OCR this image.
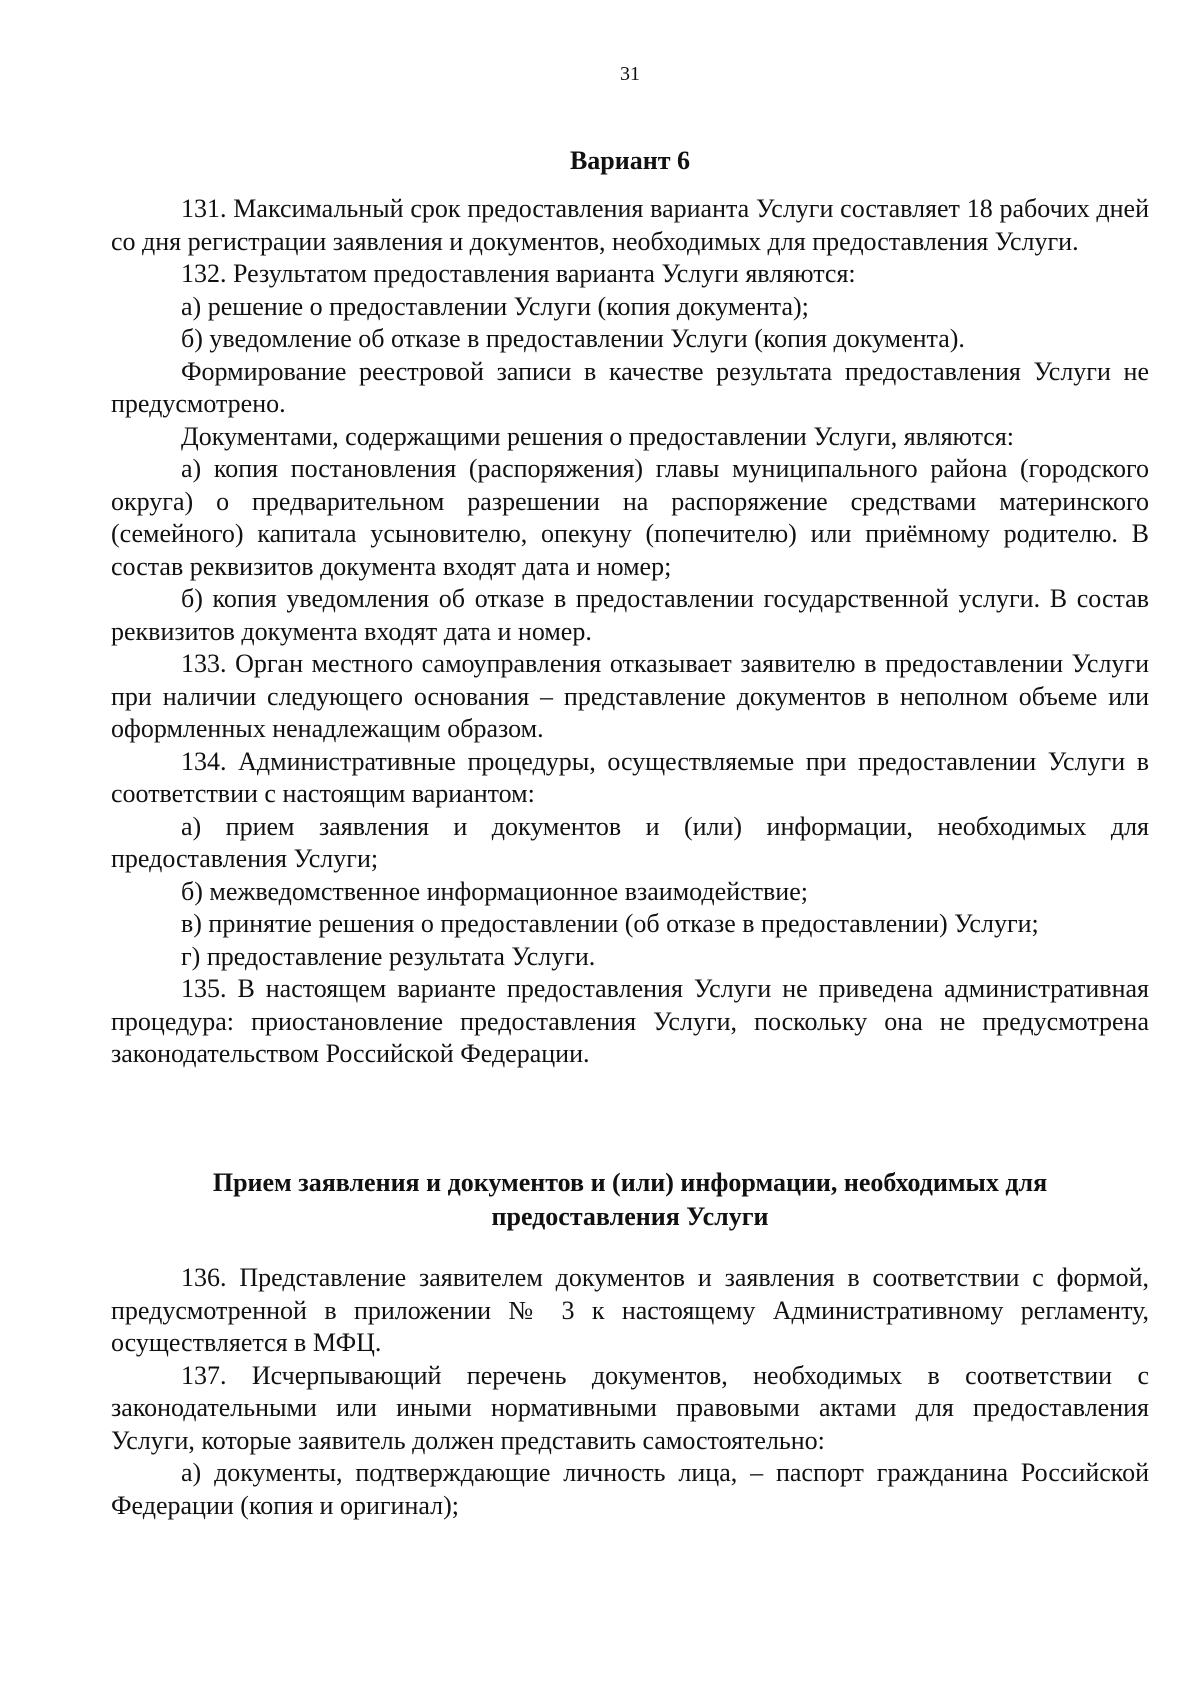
31
Вариант 6

131. Максимальный срок предоставления варианта Услуги составляет 18 рабочих дней со дня регистрации заявления и документов, необходимых для предоставления Услуги.

132. Результатом предоставления варианта Услуги являются:

а) решение о предоставлении Услуги (копия документа);

б) уведомление об отказе в предоставлении Услуги (копия документа).

Формирование реестровой записи в качестве результата предоставления Услуги не предусмотрено.

Документами, содержащими решения о предоставлении Услуги, являются:

а) копия постановления (распоряжения) главы муниципального района (городского округа) о предварительном разрешении на распоряжение средствами материнского (семейного) капитала усыновителю, опекуну (попечителю) или приёмному родителю. В состав реквизитов документа входят дата и номер;

б) копия уведомления об отказе в предоставлении государственной услуги. В состав реквизитов документа входят дата и номер.

133. Орган местного самоуправления отказывает заявителю в предоставлении Услуги при наличии следующего основания – представление документов в неполном объеме или оформленных ненадлежащим образом.

134. Административные процедуры, осуществляемые при предоставлении Услуги в соответствии с настоящим вариантом:

а) прием заявления и документов и (или) информации, необходимых для предоставления Услуги;

б) межведомственное информационное взаимодействие;

в) принятие решения о предоставлении (об отказе в предоставлении) Услуги;

г) предоставление результата Услуги.

135. В настоящем варианте предоставления Услуги не приведена административная процедура: приостановление предоставления Услуги, поскольку она не предусмотрена законодательством Российской Федерации.

Прием заявления и документов и (или) информации, необходимых для
предоставления Услуги

136. Представление заявителем документов и заявления в соответствии с формой, предусмотренной в приложении № 3 к настоящему Административному регламенту, осуществляется в МФЦ.

137. Исчерпывающий перечень документов, необходимых в соответствии с законодательными или иными нормативными правовыми актами для предоставления Услуги, которые заявитель должен представить самостоятельно:

а) документы, подтверждающие личность лица, – паспорт гражданина Российской Федерации (копия и оригинал);
